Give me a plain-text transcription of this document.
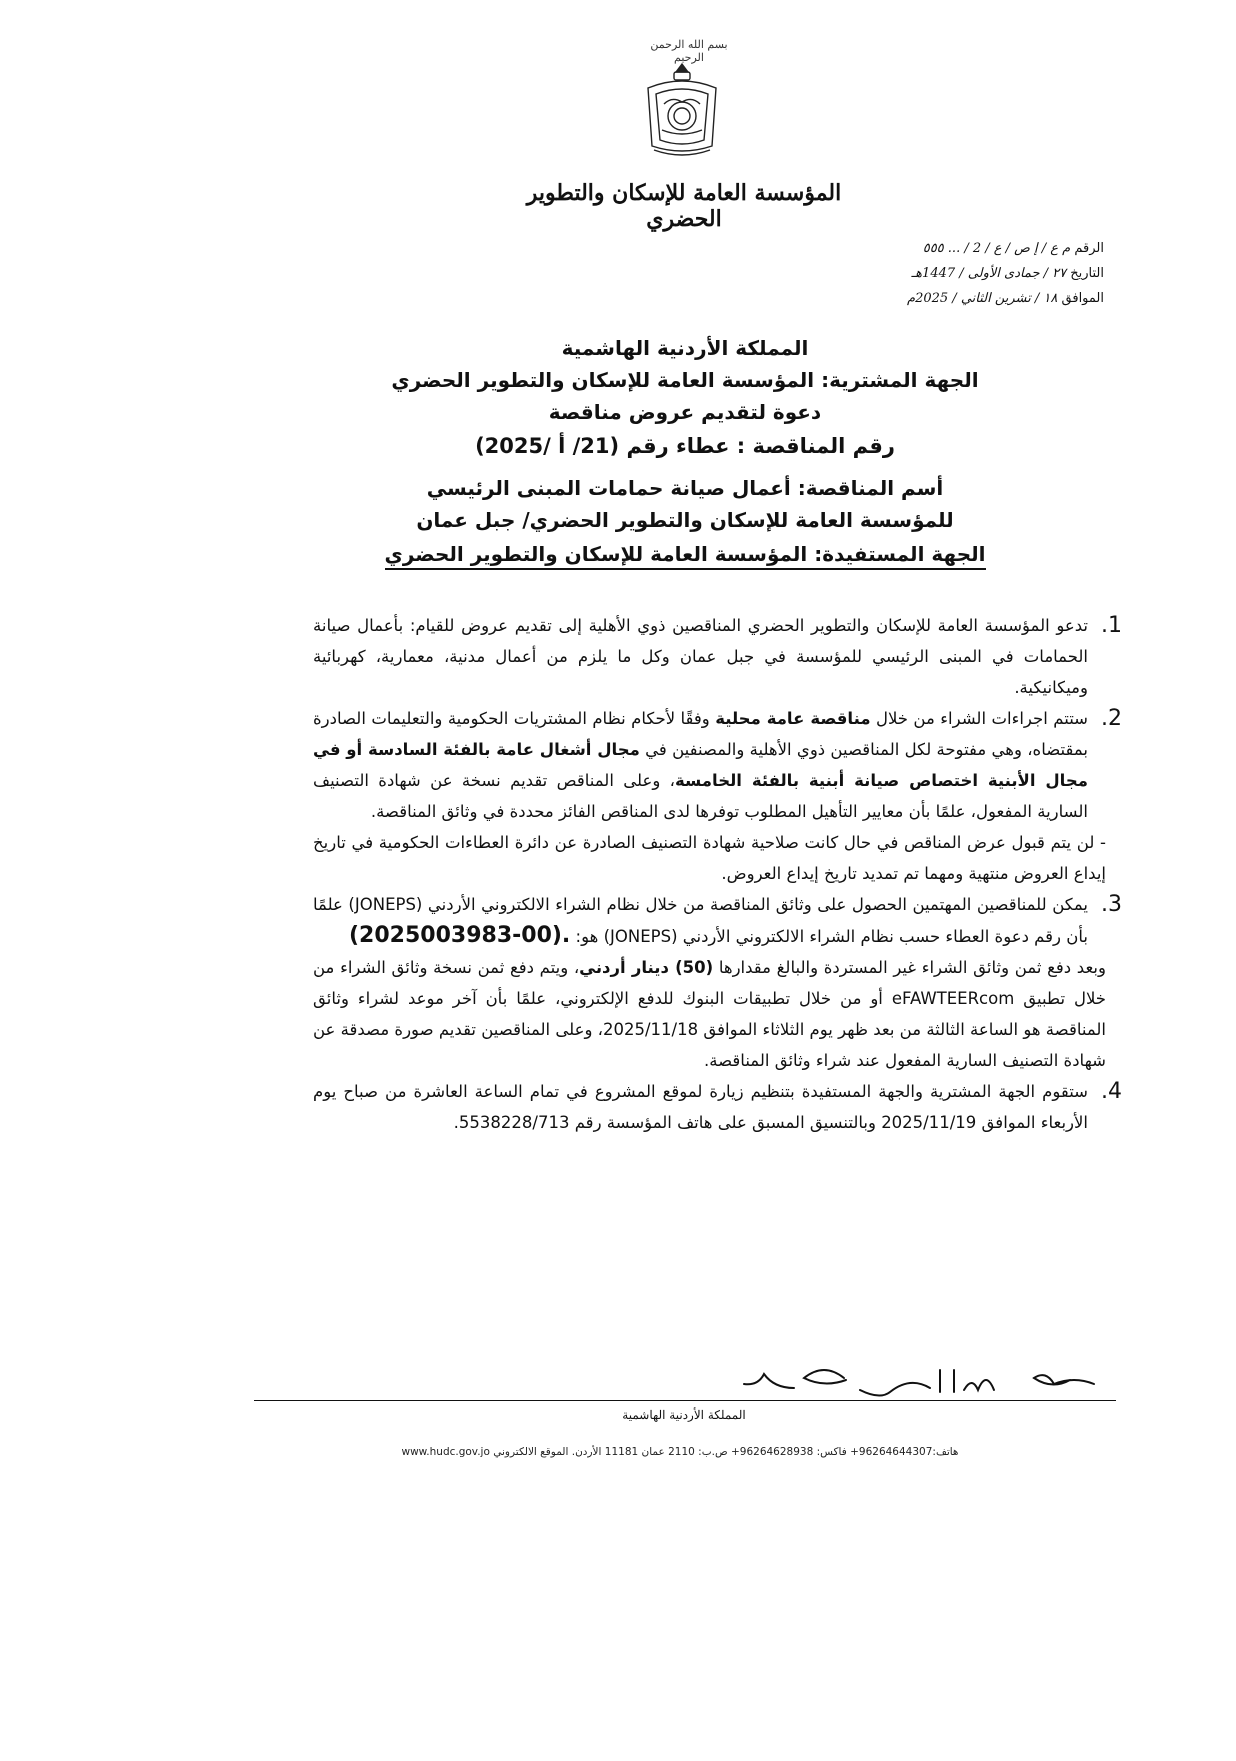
بسم الله الرحمن الرحيم
المؤسسة العامة للإسكان والتطوير الحضري
الرقم م ع / إ ص / ع / 2 / ... ٥٥٥
التاريخ ٢٧ / جمادى الأولى / 1447هـ
الموافق ١٨ / تشرين الثاني / 2025م
المملكة الأردنية الهاشمية
الجهة المشترية: المؤسسة العامة للإسكان والتطوير الحضري
دعوة لتقديم عروض مناقصة
رقم المناقصة : عطاء رقم (21/ أ /2025)
أسم المناقصة: أعمال صيانة حمامات المبنى الرئيسي
للمؤسسة العامة للإسكان والتطوير الحضري/ جبل عمان
الجهة المستفيدة: المؤسسة العامة للإسكان والتطوير الحضري
1.

تدعو المؤسسة العامة للإسكان والتطوير الحضري المناقصين ذوي الأهلية إلى تقديم عروض للقيام: بأعمال صيانة الحمامات في المبنى الرئيسي للمؤسسة في جبل عمان وكل ما يلزم من أعمال مدنية، معمارية، كهربائية وميكانيكية.

2.

ستتم اجراءات الشراء من خلال مناقصة عامة محلية وفقًا لأحكام نظام المشتريات الحكومية والتعليمات الصادرة بمقتضاه، وهي مفتوحة لكل المناقصين ذوي الأهلية والمصنفين في مجال أشغال عامة بالفئة السادسة أو في مجال الأبنية اختصاص صيانة أبنية بالفئة الخامسة، وعلى المناقص تقديم نسخة عن شهادة التصنيف السارية المفعول، علمًا بأن معايير التأهيل المطلوب توفرها لدى المناقص الفائز محددة في وثائق المناقصة.

- لن يتم قبول عرض المناقص في حال كانت صلاحية شهادة التصنيف الصادرة عن دائرة العطاءات الحكومية في تاريخ إيداع العروض منتهية ومهما تم تمديد تاريخ إيداع العروض.

3.

يمكن للمناقصين المهتمين الحصول على وثائق المناقصة من خلال نظام الشراء الالكتروني الأردني (JONEPS) علمًا بأن رقم دعوة العطاء حسب نظام الشراء الالكتروني الأردني (JONEPS) هو: (2025003983-00).

وبعد دفع ثمن وثائق الشراء غير المستردة والبالغ مقدارها (50) دينار أردني، ويتم دفع ثمن نسخة وثائق الشراء من خلال تطبيق eFAWTEERcom أو من خلال تطبيقات البنوك للدفع الإلكتروني، علمًا بأن آخر موعد لشراء وثائق المناقصة هو الساعة الثالثة من بعد ظهر يوم الثلاثاء الموافق 2025/11/18، وعلى المناقصين تقديم صورة مصدقة عن شهادة التصنيف السارية المفعول عند شراء وثائق المناقصة.

4.

ستقوم الجهة المشترية والجهة المستفيدة بتنظيم زيارة لموقع المشروع في تمام الساعة العاشرة من صباح يوم الأربعاء الموافق 2025/11/19 وبالتنسيق المسبق على هاتف المؤسسة رقم 5538228/713.

المملكة الأردنية الهاشمية
هاتف:96264644307+ فاكس: 96264628938+ ص.ب: 2110 عمان 11181 الأردن. الموقع الالكتروني www.hudc.gov.jo
